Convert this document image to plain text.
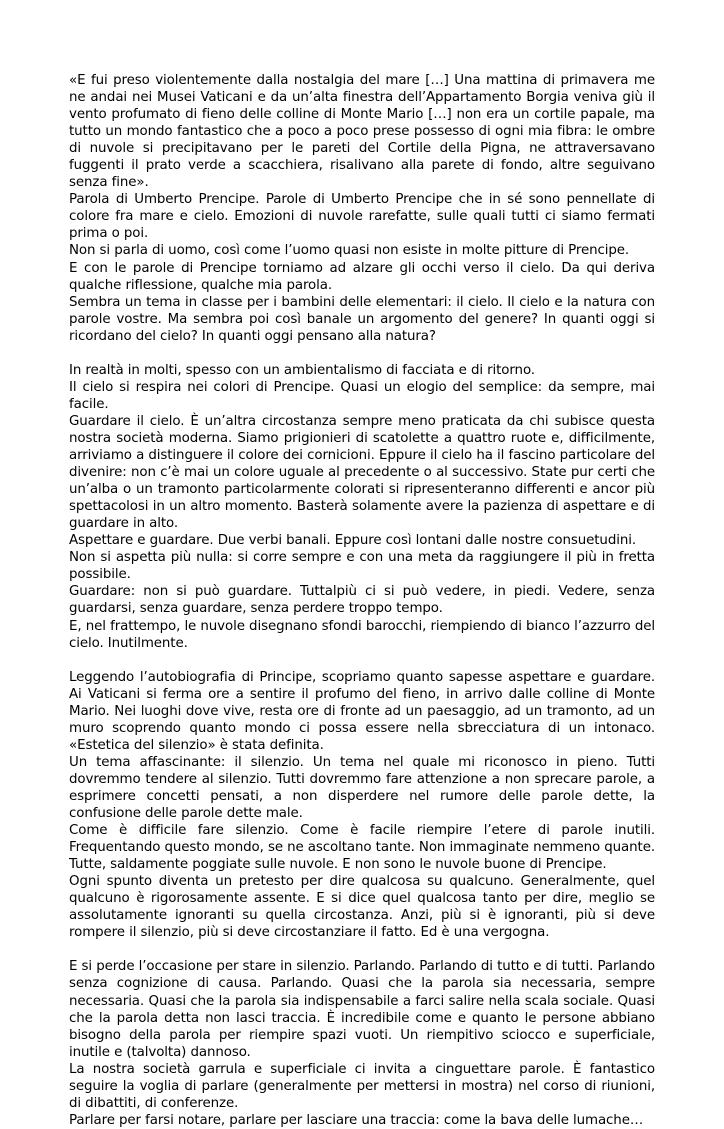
«E fui preso violentemente dalla nostalgia del mare […] Una mattina di primavera me ne andai nei Musei Vaticani e da un’alta finestra dell’Appartamento Borgia veniva giù il vento profumato di fieno delle colline di Monte Mario […] non era un cortile papale, ma tutto un mondo fantastico che a poco a poco prese possesso di ogni mia fibra: le ombre di nuvole si precipitavano per le pareti del Cortile della Pigna, ne attraversavano fuggenti il prato verde a scacchiera, risalivano alla parete di fondo, altre seguivano senza fine».

Parola di Umberto Prencipe. Parole di Umberto Prencipe che in sé sono pennellate di colore fra mare e cielo. Emozioni di nuvole rarefatte, sulle quali tutti ci siamo fermati prima o poi.

Non si parla di uomo, così come l’uomo quasi non esiste in molte pitture di Prencipe.

E con le parole di Prencipe torniamo ad alzare gli occhi verso il cielo. Da qui deriva qualche riflessione, qualche mia parola.

Sembra un tema in classe per i bambini delle elementari: il cielo. Il cielo e la natura con parole vostre. Ma sembra poi così banale un argomento del genere? In quanti oggi si ricordano del cielo? In quanti oggi pensano alla natura?

In realtà in molti, spesso con un ambientalismo di facciata e di ritorno.

Il cielo si respira nei colori di Prencipe. Quasi un elogio del semplice: da sempre, mai facile.

Guardare il cielo. È un’altra circostanza sempre meno praticata da chi subisce questa nostra società moderna. Siamo prigionieri di scatolette a quattro ruote e, difficilmente, arriviamo a distinguere il colore dei cornicioni. Eppure il cielo ha il fascino particolare del divenire: non c’è mai un colore uguale al precedente o al successivo. State pur certi che un’alba o un tramonto particolarmente colorati si ripresenteranno differenti e ancor più spettacolosi in un altro momento. Basterà solamente avere la pazienza di aspettare e di guardare in alto.

Aspettare e guardare. Due verbi banali. Eppure così lontani dalle nostre consuetudini.

Non si aspetta più nulla: si corre sempre e con una meta da raggiungere il più in fretta possibile.

Guardare: non si può guardare. Tuttalpiù ci si può vedere, in piedi. Vedere, senza guardarsi, senza guardare, senza perdere troppo tempo.

E, nel frattempo, le nuvole disegnano sfondi barocchi, riempiendo di bianco l’azzurro del cielo. Inutilmente.

Leggendo l’autobiografia di Principe, scopriamo quanto sapesse aspettare e guardare. Ai Vaticani si ferma ore a sentire il profumo del fieno, in arrivo dalle colline di Monte Mario. Nei luoghi dove vive, resta ore di fronte ad un paesaggio, ad un tramonto, ad un muro scoprendo quanto mondo ci possa essere nella sbrecciatura di un intonaco. «Estetica del silenzio» è stata definita.

Un tema affascinante: il silenzio. Un tema nel quale mi riconosco in pieno. Tutti dovremmo tendere al silenzio. Tutti dovremmo fare attenzione a non sprecare parole, a esprimere concetti pensati, a non disperdere nel rumore delle parole dette, la confusione delle parole dette male.

Come è difficile fare silenzio. Come è facile riempire l’etere di parole inutili. Frequentando questo mondo, se ne ascoltano tante. Non immaginate nemmeno quante. Tutte, saldamente poggiate sulle nuvole. E non sono le nuvole buone di Prencipe.

Ogni spunto diventa un pretesto per dire qualcosa su qualcuno. Generalmente, quel qualcuno è rigorosamente assente. E si dice quel qualcosa tanto per dire, meglio se assolutamente ignoranti su quella circostanza. Anzi, più si è ignoranti, più si deve rompere il silenzio, più si deve circostanziare il fatto. Ed è una vergogna.

E si perde l’occasione per stare in silenzio. Parlando. Parlando di tutto e di tutti. Parlando senza cognizione di causa. Parlando. Quasi che la parola sia necessaria, sempre necessaria. Quasi che la parola sia indispensabile a farci salire nella scala sociale. Quasi che la parola detta non lasci traccia. È incredibile come e quanto le persone abbiano bisogno della parola per riempire spazi vuoti. Un riempitivo sciocco e superficiale, inutile e (talvolta) dannoso.

La nostra società garrula e superficiale ci invita a cinguettare parole. È fantastico seguire la voglia di parlare (generalmente per mettersi in mostra) nel corso di riunioni, di dibattiti, di conferenze.

Parlare per farsi notare, parlare per lasciare una traccia: come la bava delle lumache…
